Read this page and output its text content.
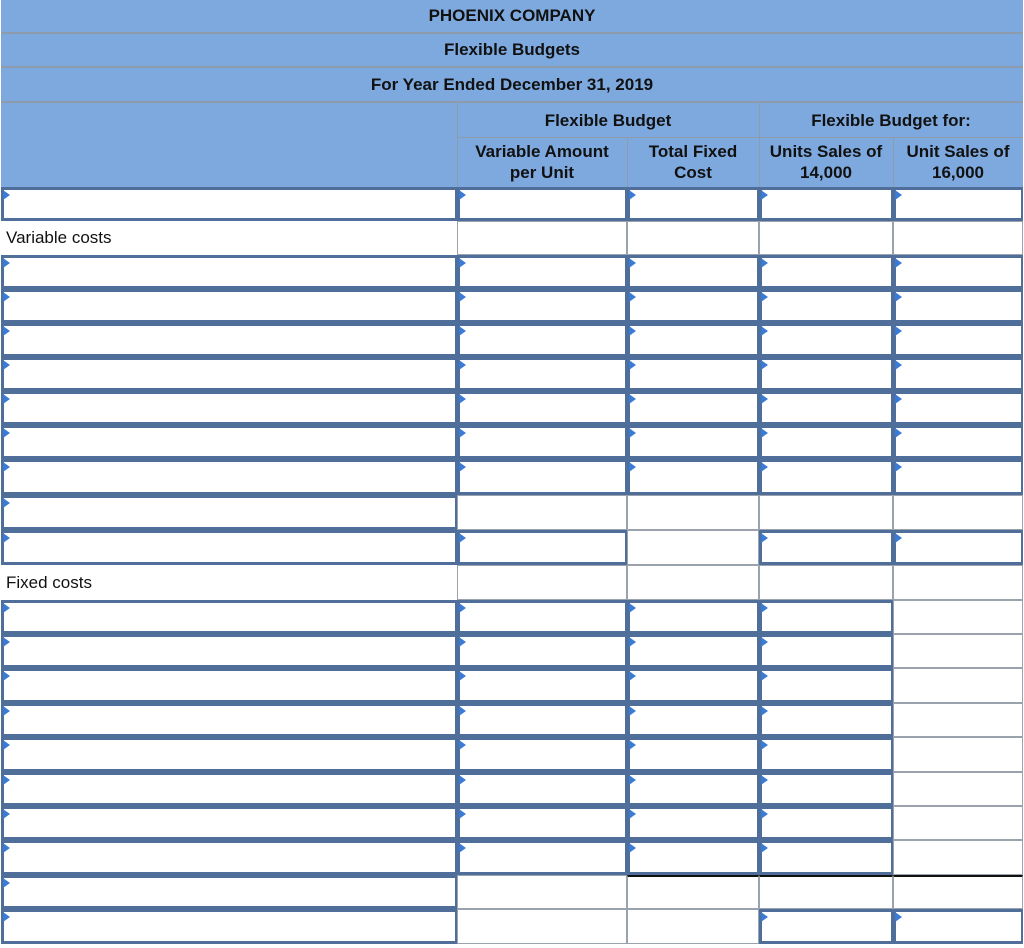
PHOENIX COMPANY
Flexible Budgets
For Year Ended December 31, 2019
Flexible Budget	Flexible Budget for:
Variable Amount per Unit
Total Fixed Cost
Units Sales of 14,000
Unit Sales of 16,000
Variable costs
Fixed costs
